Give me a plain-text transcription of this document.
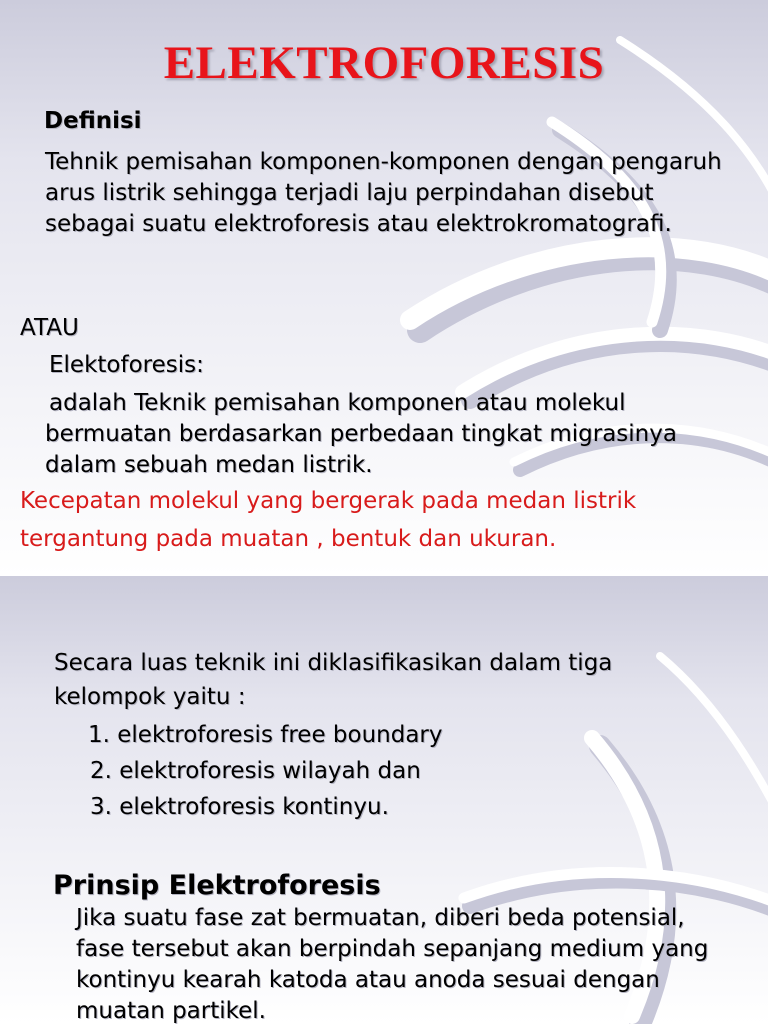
ELEKTROFORESIS
Definisi

Tehnik pemisahan komponen-komponen dengan pengaruh arus listrik sehingga terjadi laju perpindahan disebut sebagai suatu elektroforesis atau elektrokromatografi.

ATAU
Elektoforesis:

adalah Teknik pemisahan komponen atau molekul bermuatan berdasarkan perbedaan tingkat migrasinya dalam sebuah medan listrik.

Kecepatan molekul yang bergerak pada medan listrik
tergantung pada muatan , bentuk dan ukuran.
Secara luas teknik ini diklasifikasikan dalam tiga
kelompok yaitu :
1. elektroforesis free boundary
2. elektroforesis wilayah dan
3. elektroforesis kontinyu.
Prinsip Elektroforesis

Jika suatu fase zat bermuatan, diberi beda potensial, fase tersebut akan berpindah sepanjang medium yang kontinyu kearah katoda atau anoda sesuai dengan muatan partikel.
